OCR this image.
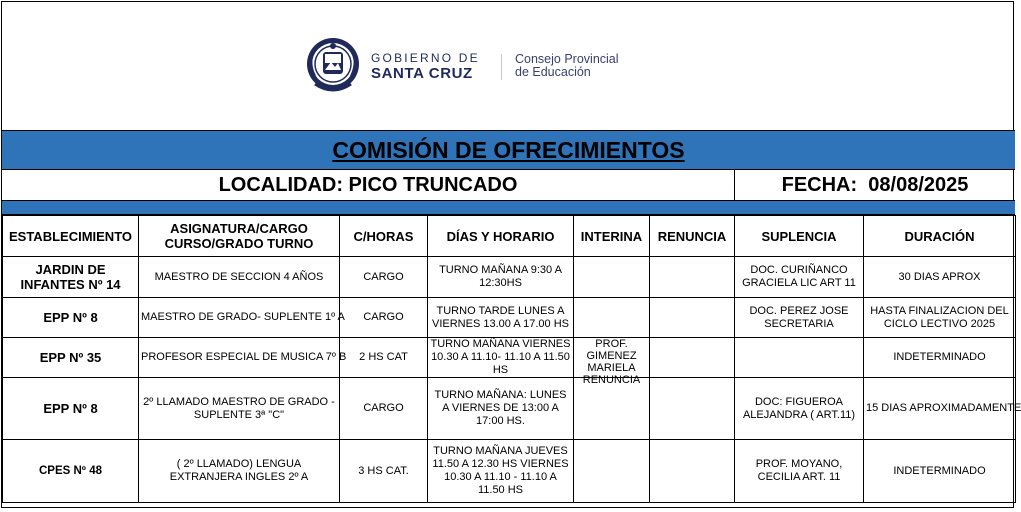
GOBIERNO DE
SANTA CRUZ
Consejo Provincial
de Educación
COMISIÓN DE OFRECIMIENTOS
LOCALIDAD: PICO TRUNCADO	FECHA:  08/08/2025
ESTABLECIMIENTO	ASIGNATURA/CARGO
CURSO/GRADO TURNO	C/HORAS	DÍAS Y HORARIO	INTERINA	RENUNCIA	SUPLENCIA	DURACIÓN
JARDIN DE INFANTES Nº 14	MAESTRO DE SECCION 4 AÑOS	CARGO	TURNO MAÑANA 9:30 A 12:30HS			DOC. CURIÑANCO GRACIELA LIC ART 11	30 DIAS APROX
EPP Nº 8	MAESTRO DE GRADO- SUPLENTE 1º A	CARGO	TURNO TARDE LUNES A VIERNES 13.00 A 17.00 HS			DOC. PEREZ JOSE SECRETARIA	HASTA FINALIZACION DEL CICLO LECTIVO 2025
EPP Nº 35	PROFESOR ESPECIAL DE MUSICA 7º B	2 HS CAT	TURNO MAÑANA VIERNES 10.30 A 11.10- 11.10 A 11.50 HS	PROF. GIMENEZ MARIELA RENUNCIA			INDETERMINADO
EPP Nº 8	2º LLAMADO MAESTRO DE GRADO - SUPLENTE 3ª "C"	CARGO	TURNO MAÑANA: LUNES A VIERNES DE 13:00 A 17:00 HS.			DOC: FIGUEROA ALEJANDRA ( ART.11)	15 DIAS APROXIMADAMENTE
CPES Nº 48	( 2º LLAMADO) LENGUA EXTRANJERA INGLES 2º A	3 HS CAT.	TURNO MAÑANA JUEVES 11.50 A 12.30 HS VIERNES 10.30 A 11.10 - 11.10 A 11.50 HS			PROF. MOYANO, CECILIA ART. 11	INDETERMINADO
